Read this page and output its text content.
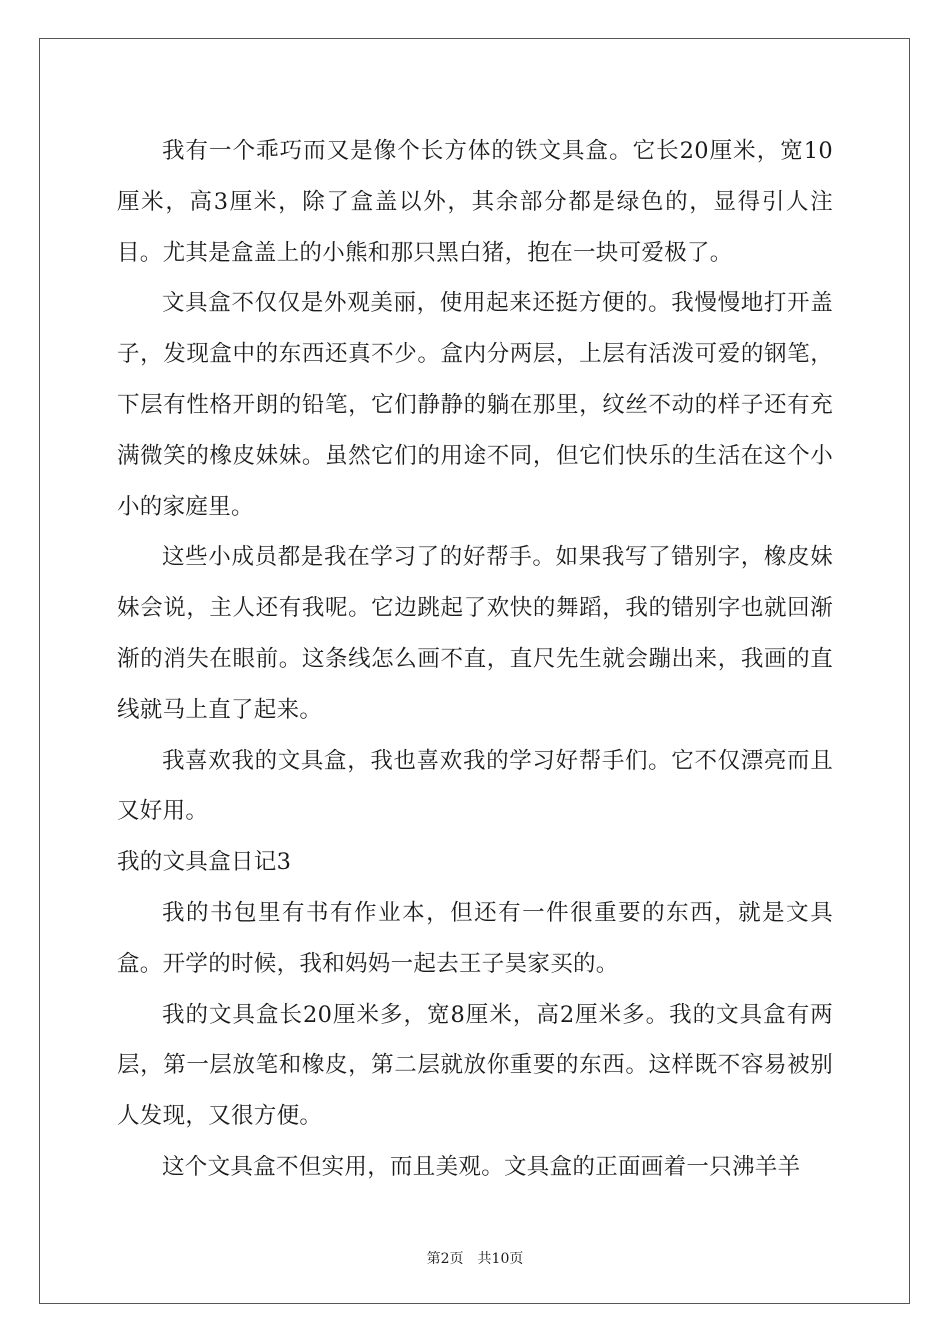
我有一个乖巧而又是像个长方体的铁文具盒。它长20厘米，宽10厘米，高3厘米，除了盒盖以外，其余部分都是绿色的，显得引人注目。尤其是盒盖上的小熊和那只黑白猪，抱在一块可爱极了。

文具盒不仅仅是外观美丽，使用起来还挺方便的。我慢慢地打开盖子，发现盒中的东西还真不少。盒内分两层，上层有活泼可爱的钢笔，下层有性格开朗的铅笔，它们静静的躺在那里，纹丝不动的样子还有充满微笑的橡皮妹妹。虽然它们的用途不同，但它们快乐的生活在这个小小的家庭里。

这些小成员都是我在学习了的好帮手。如果我写了错别字，橡皮妹妹会说，主人还有我呢。它边跳起了欢快的舞蹈，我的错别字也就回渐渐的消失在眼前。这条线怎么画不直，直尺先生就会蹦出来，我画的直线就马上直了起来。

我喜欢我的文具盒，我也喜欢我的学习好帮手们。它不仅漂亮而且又好用。

我的文具盒日记3

我的书包里有书有作业本，但还有一件很重要的东西，就是文具盒。开学的时候，我和妈妈一起去王子昊家买的。

我的文具盒长20厘米多，宽8厘米，高2厘米多。我的文具盒有两层，第一层放笔和橡皮，第二层就放你重要的东西。这样既不容易被别人发现，又很方便。

这个文具盒不但实用，而且美观。文具盒的正面画着一只沸羊羊

第2页 共10页
